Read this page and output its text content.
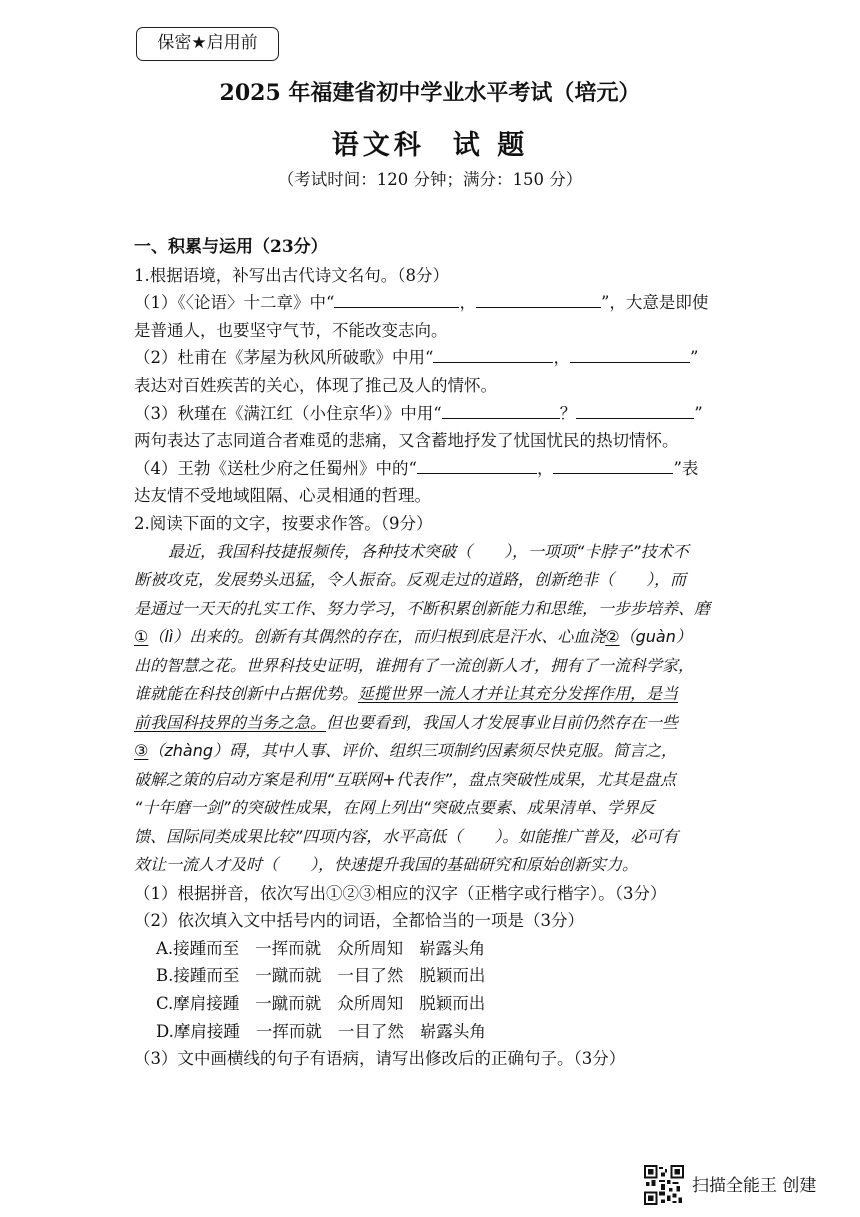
保密★启用前
2025 年福建省初中学业水平考试（培元）
语文科 试 题
（考试时间：120 分钟；满分：150 分）

一、积累与运用（23分）

1.根据语境，补写出古代诗文名句。（8分）

（1）《〈论语〉十二章》中“	，	”，大意是即使

是普通人，也要坚守气节，不能改变志向。

（2）杜甫在《茅屋为秋风所破歌》中用“	，	”

表达对百姓疾苦的关心，体现了推己及人的情怀。

（3）秋瑾在《满江红（小住京华）》中用“	？	”

两句表达了志同道合者难觅的悲痛，又含蓄地抒发了忧国忧民的热切情怀。

（4）王勃《送杜少府之任蜀州》中的“	，	”表

达友情不受地域阻隔、心灵相通的哲理。

2.阅读下面的文字，按要求作答。（9分）

最近，我国科技捷报频传，各种技术突破（　　），一项项“卡脖子”技术不

断被攻克，发展势头迅猛，令人振奋。反观走过的道路，创新绝非（　　），而

是通过一天天的扎实工作、努力学习，不断积累创新能力和思维，一步步培养、磨

①（lì）出来的。创新有其偶然的存在，而归根到底是汗水、心血浇②（guàn）

出的智慧之花。世界科技史证明，谁拥有了一流创新人才，拥有了一流科学家，

谁就能在科技创新中占据优势。延揽世界一流人才并让其充分发挥作用，是当

前我国科技界的当务之急。但也要看到，我国人才发展事业目前仍然存在一些

③（zhàng）碍，其中人事、评价、组织三项制约因素须尽快克服。简言之，

破解之策的启动方案是利用“互联网+代表作”，盘点突破性成果，尤其是盘点

“十年磨一剑”的突破性成果，在网上列出“突破点要素、成果清单、学界反

馈、国际同类成果比较”四项内容，水平高低（　　）。如能推广普及，必可有

效让一流人才及时（　　），快速提升我国的基础研究和原始创新实力。

（1）根据拼音，依次写出①②③相应的汉字（正楷字或行楷字）。（3分）

（2）依次填入文中括号内的词语，全都恰当的一项是（3分）

A.接踵而至 一挥而就 众所周知 崭露头角

B.接踵而至 一蹴而就 一目了然 脱颖而出

C.摩肩接踵 一蹴而就 众所周知 脱颖而出

D.摩肩接踵 一挥而就 一目了然 崭露头角

（3）文中画横线的句子有语病，请写出修改后的正确句子。（3分）

扫描全能王 创建
